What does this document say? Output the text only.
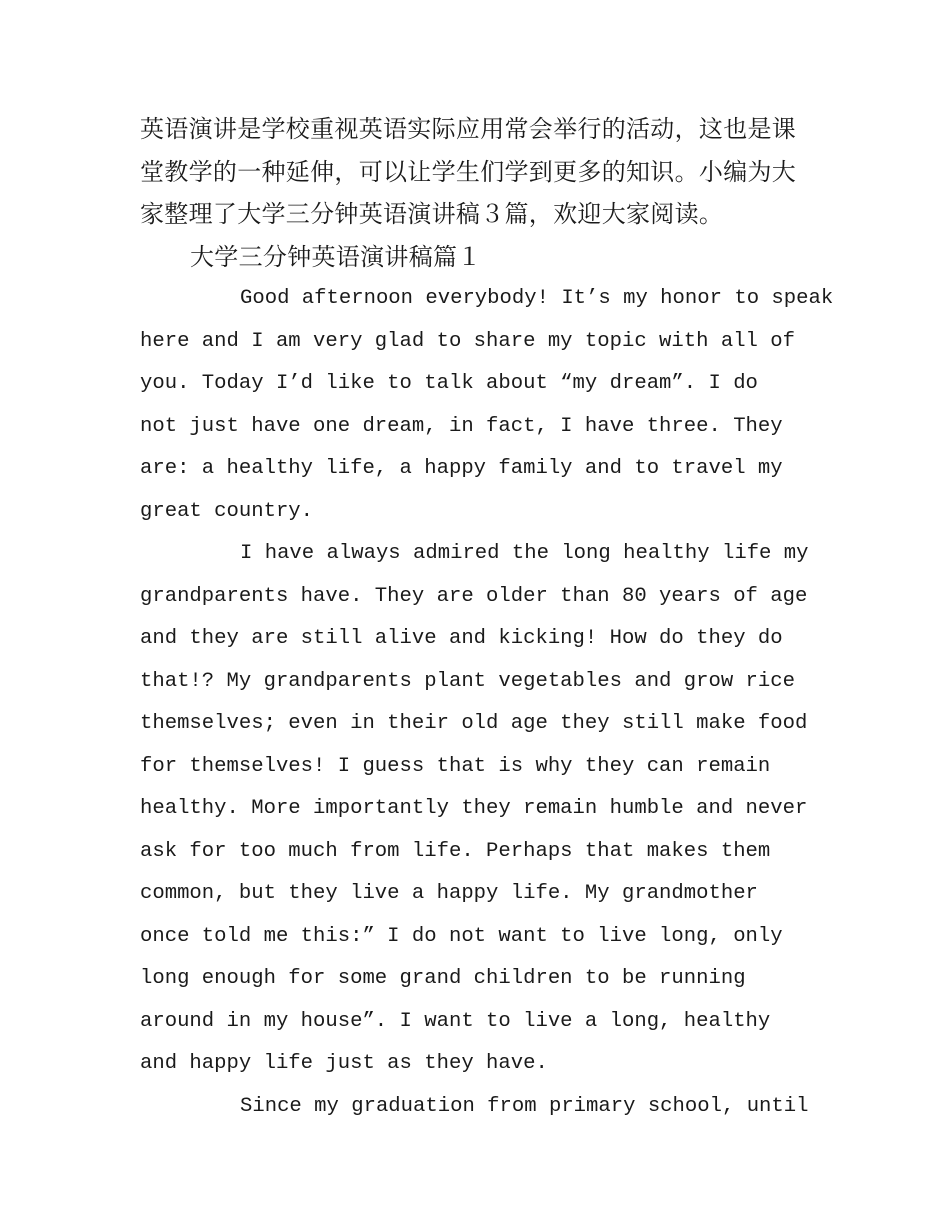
英语演讲是学校重视英语实际应用常会举行的活动，这也是课
堂教学的一种延伸，可以让学生们学到更多的知识。小编为大
家整理了大学三分钟英语演讲稿３篇，欢迎大家阅读。

大学三分钟英语演讲稿篇１

Good afternoon everybody! It’s my honor to speak
here and I am very glad to share my topic with all of
you. Today I’d like to talk about “my dream”. I do
not just have one dream, in fact, I have three. They
are: a healthy life, a happy family and to travel my
great country.

I have always admired the long healthy life my
grandparents have. They are older than 80 years of age
and they are still alive and kicking! How do they do
that!? My grandparents plant vegetables and grow rice
themselves; even in their old age they still make food
for themselves! I guess that is why they can remain
healthy. More importantly they remain humble and never
ask for too much from life. Perhaps that makes them
common, but they live a happy life. My grandmother
once told me this:” I do not want to live long, only
long enough for some grand children to be running
around in my house”. I want to live a long, healthy
and happy life just as they have.

Since my graduation from primary school, until
